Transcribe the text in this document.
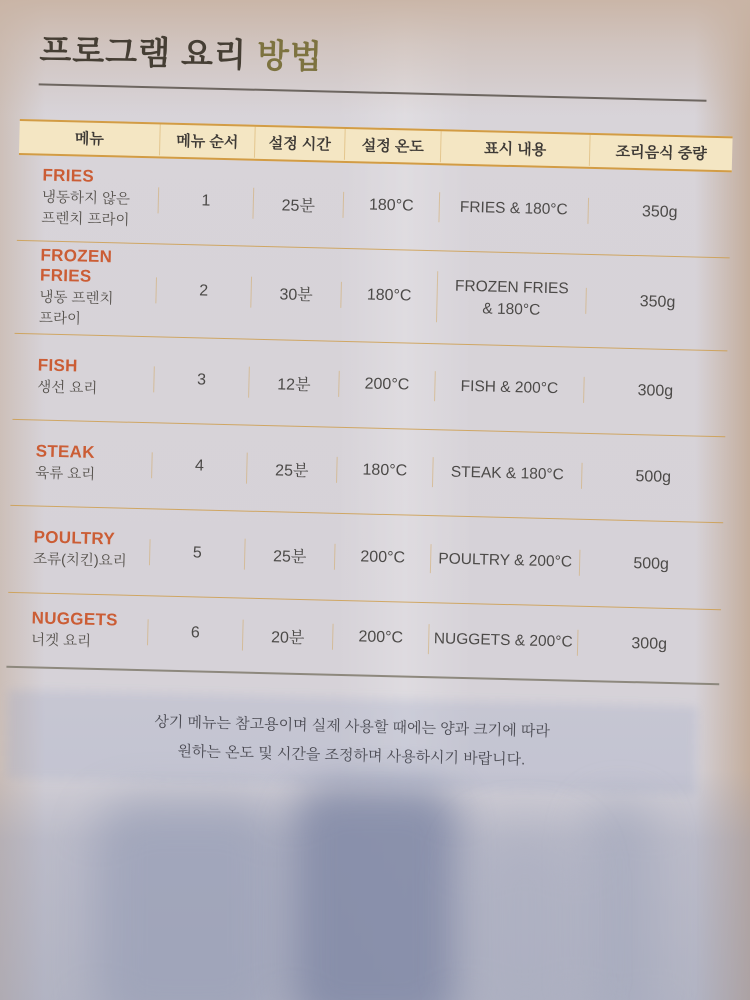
프로그램 요리 방법
메뉴	메뉴 순서	설정 시간	설정 온도	표시 내용	조리음식 중량
FRIES
냉동하지 않은
프렌치 프라이
1	25분	180°C	FRIES & 180°C	350g
FROZEN FRIES
냉동 프렌치
프라이
2	30분	180°C	FROZEN FRIES
& 180°C	350g
FISH
생선 요리	3	12분	200°C	FISH & 200°C	300g
STEAK
육류 요리	4	25분	180°C	STEAK & 180°C	500g
POULTRY
조류(치킨)요리	5	25분	200°C	POULTRY & 200°C	500g
NUGGETS
너겟 요리	6	20분	200°C	NUGGETS & 200°C	300g

상기 메뉴는 참고용이며 실제 사용할 때에는 양과 크기에 따라
원하는 온도 및 시간을 조정하며 사용하시기 바랍니다.
